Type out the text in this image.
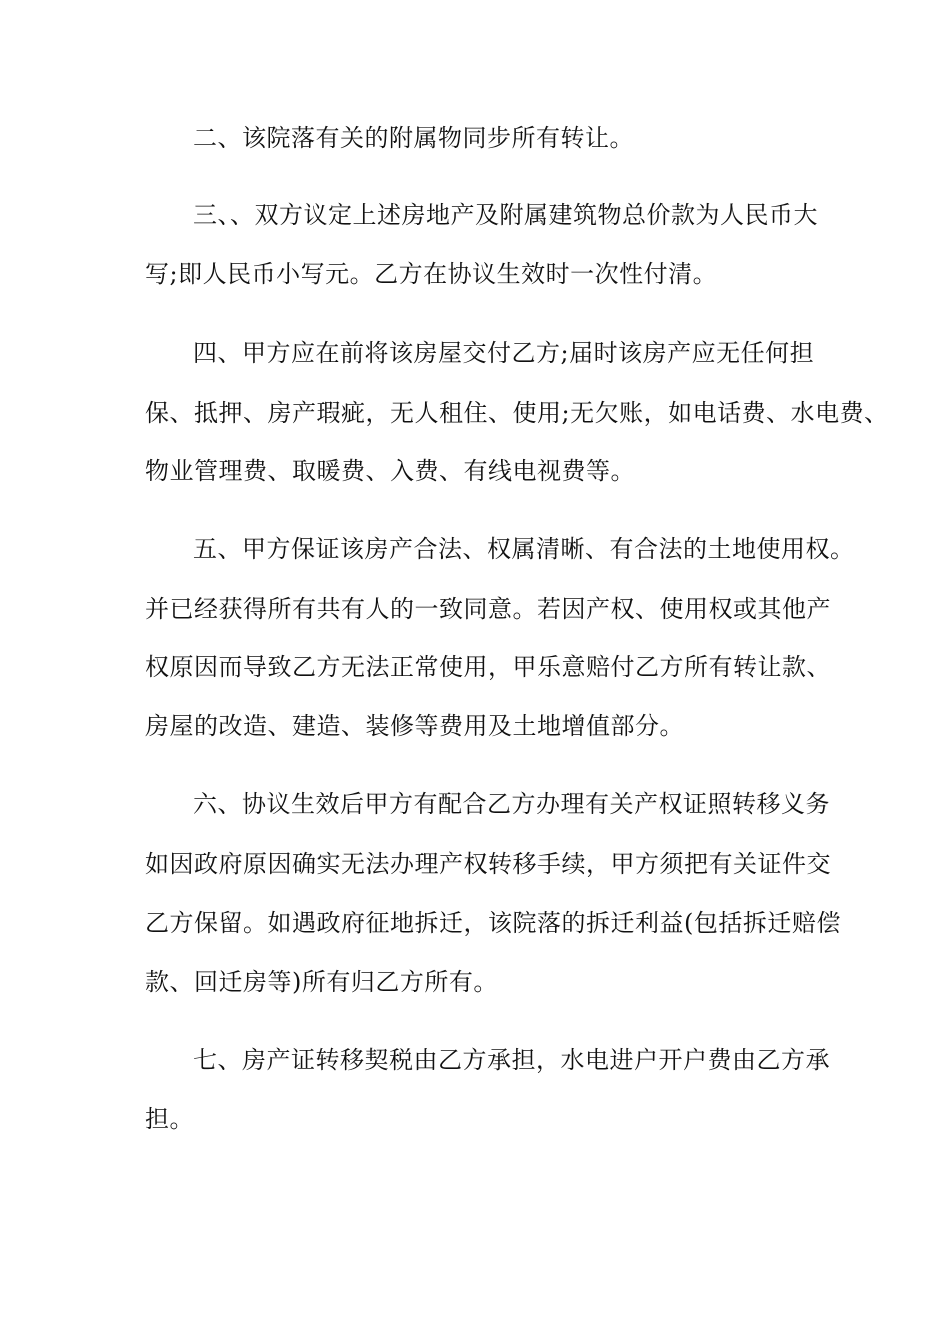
二、该院落有关的附属物同步所有转让。
三、、双方议定上述房地产及附属建筑物总价款为人民币大
写;即人民币小写元。乙方在协议生效时一次性付清。
四、甲方应在前将该房屋交付乙方;届时该房产应无任何担
保、抵押、房产瑕疵，无人租住、使用;无欠账，如电话费、水电费、
物业管理费、取暖费、入费、有线电视费等。
五、甲方保证该房产合法、权属清晰、有合法的土地使用权。
并已经获得所有共有人的一致同意。若因产权、使用权或其他产
权原因而导致乙方无法正常使用，甲乐意赔付乙方所有转让款、
房屋的改造、建造、装修等费用及土地增值部分。
六、协议生效后甲方有配合乙方办理有关产权证照转移义务
如因政府原因确实无法办理产权转移手续，甲方须把有关证件交
乙方保留。如遇政府征地拆迁，该院落的拆迁利益(包括拆迁赔偿
款、回迁房等)所有归乙方所有。
七、房产证转移契税由乙方承担，水电进户开户费由乙方承
担。
